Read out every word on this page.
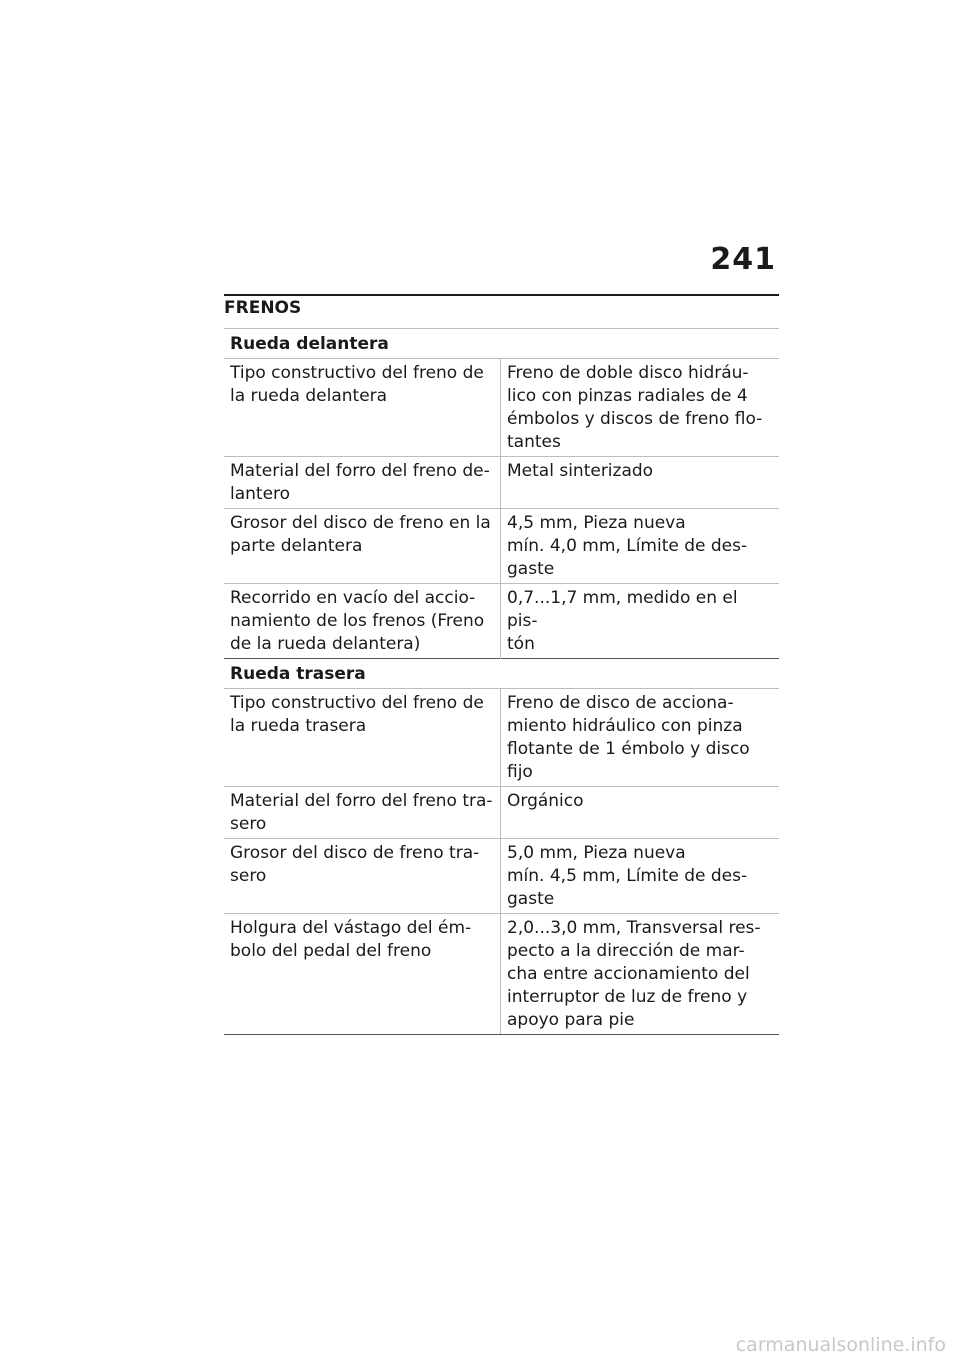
241
FRENOS
Rueda delantera	

Tipo constructivo del freno de
la rueda delantera	Freno de doble disco hidráu-
lico con pinzas radiales de 4
émbolos y discos de freno flo-
tantes

Material del forro del freno de-
lantero	Metal sinterizado

Grosor del disco de freno en la
parte delantera	4,5 mm, Pieza nueva
mín. 4,0 mm, Límite de des-
gaste

Recorrido en vacío del accio-
namiento de los frenos (Freno
de la rueda delantera)	0,7...1,7 mm, medido en el pis-
tón

Rueda trasera	

Tipo constructivo del freno de
la rueda trasera	Freno de disco de acciona-
miento hidráulico con pinza
flotante de 1 émbolo y disco
fijo

Material del forro del freno tra-
sero	Orgánico

Grosor del disco de freno tra-
sero	5,0 mm, Pieza nueva
mín. 4,5 mm, Límite de des-
gaste

Holgura del vástago del ém-
bolo del pedal del freno	2,0...3,0 mm, Transversal res-
pecto a la dirección de mar-
cha entre accionamiento del
interruptor de luz de freno y
apoyo para pie
carmanualsonline.info
